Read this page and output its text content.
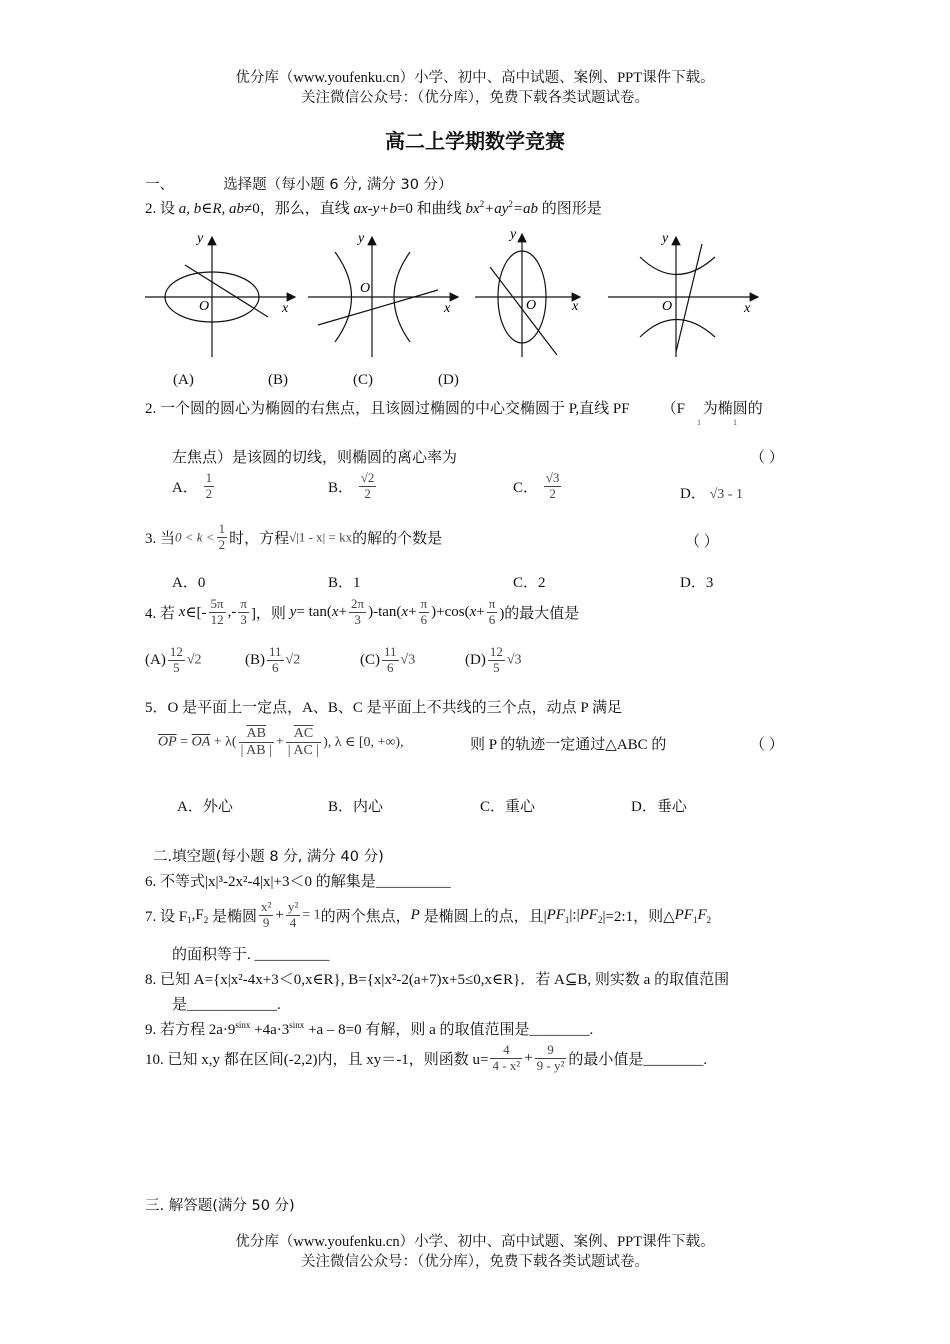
优分库（www.youfenku.cn）小学、初中、高中试题、案例、PPT课件下载。
关注微信公众号：（优分库），免费下载各类试题试卷。
高二上学期数学竞赛
一、	选择题（每小题 6 分, 满分 30 分）
2. 设 a, b∈R, ab≠0，那么，直线 ax-y+b=0 和曲线 $bx^2+ay^2=ab$ 的图形是
y
x
O
y
x
O
y
x
O
y
x
O
(A)	(B)	(C)	(D)
2. 一个圆的圆心为椭圆的右焦点，且该圆过椭圆的中心交椭圆于 P,直线 PF （F 为椭圆的
1	1
左焦点）是该圆的切线，则椭圆的离心率为	（ ）
A． $\frac{1}{2}$	B． $\frac{√2}{2}$	C． $\frac{√3}{2}$	D． √3 - 1
3. 当$0 < k < \frac{1}{2}$ 时，方程√|1 - x| = kx的解的个数是	（ ）
A．0	B．1	C．2	D．3
4. 若 x∈[- $\frac{5\pi}{12}$ ,- $\frac{\pi}{3}$ ]，则 $y= \tan(x+ \frac{2\pi}{3} )-\tan(x+ \frac{\pi}{6} )+\cos(x+ \frac{\pi}{6}$ )的最大值是
$(A) \frac{12}{5} √2$	$(B) \frac{11}{6} √2$	$(C) \frac{11}{6} √3$	$(D) \frac{12}{5} √3$
5．O 是平面上一定点，A、B、C 是平面上不共线的三个点，动点 P 满足
$\overline{OP} = \overline{OA} + \lambda( \frac{\overline{AB}}{| AB |} + \frac{\overline{AC}}{| AC |}$ ), λ ∈ [0, +∞),	则 P 的轨迹一定通过△ABC 的	（ ）
A．外心	B．内心	C．重心	D．垂心
二.填空题(每小题 8 分, 满分 40 分)
6. 不等式|x|³-2x²-4|x|+3＜0 的解集是__________
7. 设 $F_1,F_2$ 是椭圆 $\frac{\text{x²}}{9} + \frac{\text{y²}}{4} = 1$的两个焦点，P 是椭圆上的点，且$|PF_1|:|PF_2|=2:1$，则$\triangle PF_1F_2$
的面积等于. __________
8. 已知 A={x|x²-4x+3＜0,x∈R}, B={x|x²-2(a+7)x+5≤0,x∈R}．若 A⊆B, 则实数 a 的取值范围
是____________.
9. 若方程 $2a\cdot 9^{sinx} +4a\cdot 3^{sinx} +a - 8=0$ 有解，则 a 的取值范围是________.
10. 已知 x,y 都在区间(-2,2)内，且 xy＝-1，则函数 $u= \frac{4}{\text{4 - x²}} + \frac{9}{\text{9 - y²}}$ 的最小值是________.
三. 解答题(满分 50 分)
优分库（www.youfenku.cn）小学、初中、高中试题、案例、PPT课件下载。
关注微信公众号：（优分库），免费下载各类试题试卷。
